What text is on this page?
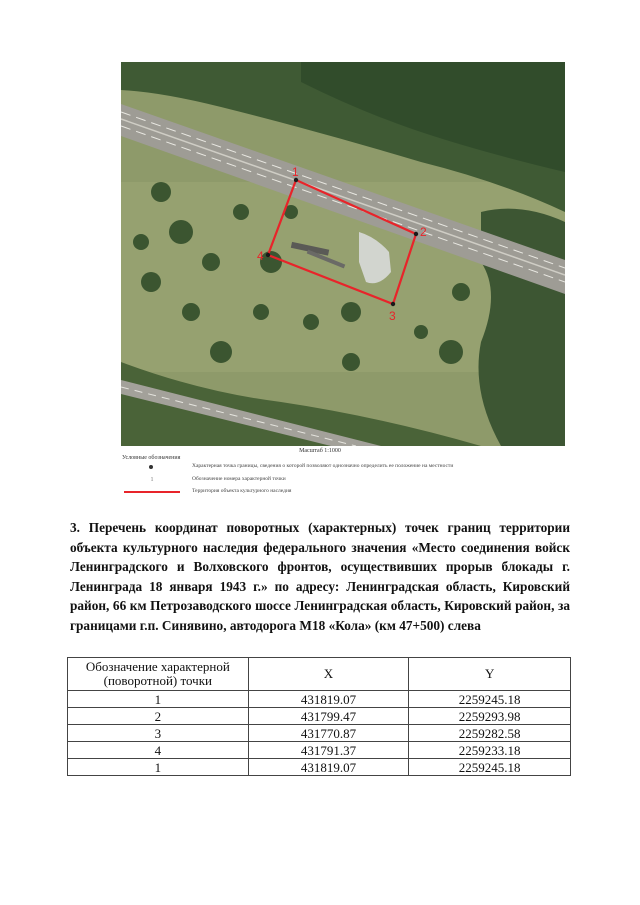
1
2
3
4
Масштаб 1:1000
Условные обозначения
Характерная точка границы, сведения о которой позволяют однозначно определить ее положение на местности
1	Обозначение номера характерной точки
Территория объекта культурного наследия

3. Перечень координат поворотных (характерных) точек границ территории объекта культурного наследия федерального значения «Место соединения войск Ленинградского и Волховского фронтов, осуществивших прорыв блокады г. Ленинграда 18 января 1943 г.» по адресу: Ленинградская область, Кировский район, 66 км Петрозаводского шоссе Ленинградская область, Кировский район, за границами г.п. Синявино, автодорога М18 «Кола» (км 47+500) слева

Обозначение характерной (поворотной) точки	X	Y
1	431819.07	2259245.18
2	431799.47	2259293.98
3	431770.87	2259282.58
4	431791.37	2259233.18
1	431819.07	2259245.18
